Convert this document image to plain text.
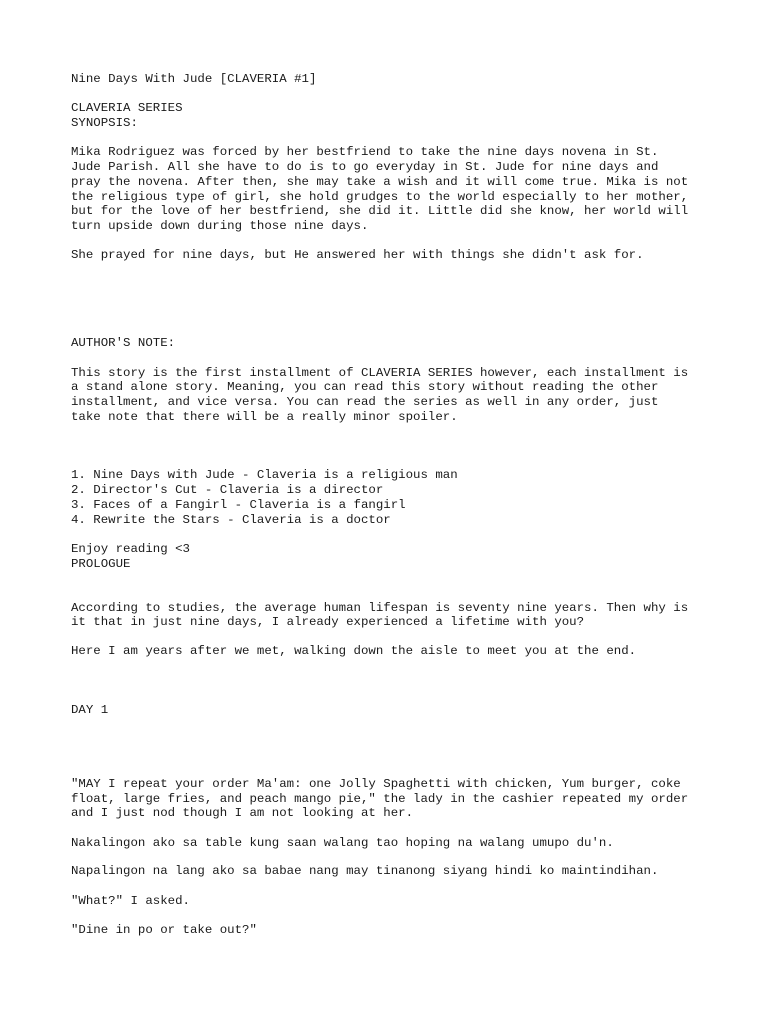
Nine Days With Jude [CLAVERIA #1]
CLAVERIA SERIES
SYNOPSIS:
Mika Rodriguez was forced by her bestfriend to take the nine days novena in St.
Jude Parish. All she have to do is to go everyday in St. Jude for nine days and
pray the novena. After then, she may take a wish and it will come true. Mika is not
the religious type of girl, she hold grudges to the world especially to her mother,
but for the love of her bestfriend, she did it. Little did she know, her world will
turn upside down during those nine days.
She prayed for nine days, but He answered her with things she didn't ask for.
AUTHOR'S NOTE:
This story is the first installment of CLAVERIA SERIES however, each installment is
a stand alone story. Meaning, you can read this story without reading the other
installment, and vice versa. You can read the series as well in any order, just
take note that there will be a really minor spoiler.
1. Nine Days with Jude - Claveria is a religious man
2. Director's Cut - Claveria is a director
3. Faces of a Fangirl - Claveria is a fangirl
4. Rewrite the Stars - Claveria is a doctor
Enjoy reading <3
PROLOGUE
According to studies, the average human lifespan is seventy nine years. Then why is
it that in just nine days, I already experienced a lifetime with you?
Here I am years after we met, walking down the aisle to meet you at the end.
DAY 1
"MAY I repeat your order Ma'am: one Jolly Spaghetti with chicken, Yum burger, coke
float, large fries, and peach mango pie," the lady in the cashier repeated my order
and I just nod though I am not looking at her.
Nakalingon ako sa table kung saan walang tao hoping na walang umupo du'n.
Napalingon na lang ako sa babae nang may tinanong siyang hindi ko maintindihan.
"What?" I asked.
"Dine in po or take out?"
